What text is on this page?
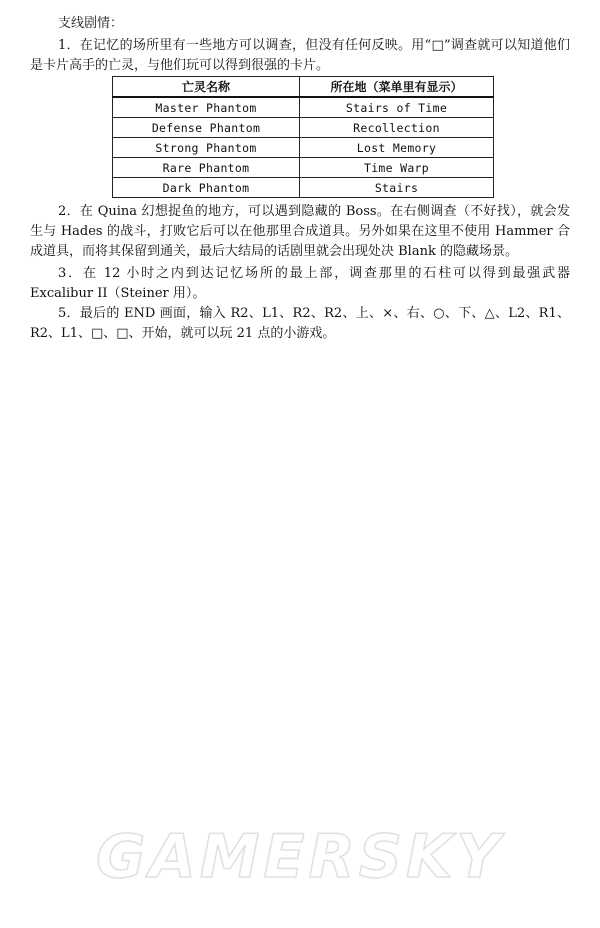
支线剧情：

1．在记忆的场所里有一些地方可以调查，但没有任何反映。用“□”调查就可以知道他们是卡片高手的亡灵，与他们玩可以得到很强的卡片。

亡灵名称	所在地（菜单里有显示）
Master Phantom	Stairs of Time
Defense Phantom	Recollection
Strong Phantom	Lost Memory
Rare Phantom	Time Warp
Dark Phantom	Stairs

2．在 Quina 幻想捉鱼的地方，可以遇到隐藏的 Boss。在右侧调查（不好找），就会发生与 Hades 的战斗，打败它后可以在他那里合成道具。另外如果在这里不使用 Hammer 合成道具，而将其保留到通关，最后大结局的话剧里就会出现处决 Blank 的隐藏场景。

3．在 12 小时之内到达记忆场所的最上部，调查那里的石柱可以得到最强武器 Excalibur II（Steiner 用）。

5．最后的 END 画面，输入 R2、L1、R2、R2、上、×、右、○、下、△、L2、R1、R2、L1、□、□、开始，就可以玩 21 点的小游戏。

GAMERSKY
